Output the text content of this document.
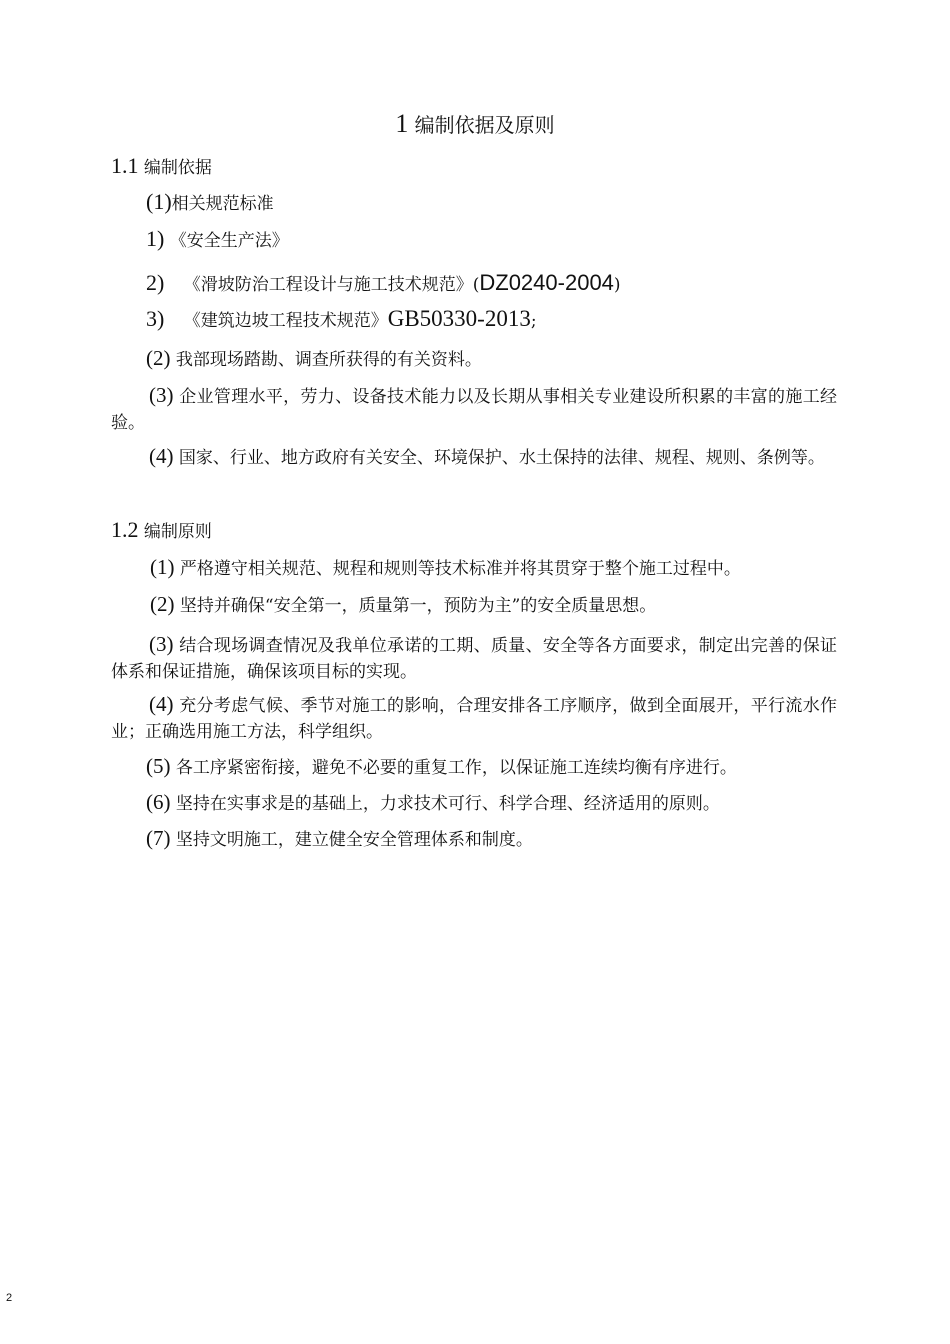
1 编制依据及原则
1.1 编制依据
(1)相关规范标准
1) 《安全生产法》
2) 《滑坡防治工程设计与施工技术规范》(DZ0240-2004)
3) 《建筑边坡工程技术规范》GB50330-2013;
(2) 我部现场踏勘、调查所获得的有关资料。
(3) 企业管理水平，劳力、设备技术能力以及长期从事相关专业建设所积累的丰富的施工经验。
(4) 国家、行业、地方政府有关安全、环境保护、水土保持的法律、规程、规则、条例等。
1.2 编制原则
(1) 严格遵守相关规范、规程和规则等技术标准并将其贯穿于整个施工过程中。
(2) 坚持并确保“安全第一，质量第一，预防为主”的安全质量思想。
(3) 结合现场调查情况及我单位承诺的工期、质量、安全等各方面要求，制定出完善的保证体系和保证措施，确保该项目标的实现。
(4) 充分考虑气候、季节对施工的影响，合理安排各工序顺序，做到全面展开，平行流水作业；正确选用施工方法，科学组织。
(5) 各工序紧密衔接，避免不必要的重复工作，以保证施工连续均衡有序进行。
(6) 坚持在实事求是的基础上，力求技术可行、科学合理、经济适用的原则。
(7) 坚持文明施工，建立健全安全管理体系和制度。
2
